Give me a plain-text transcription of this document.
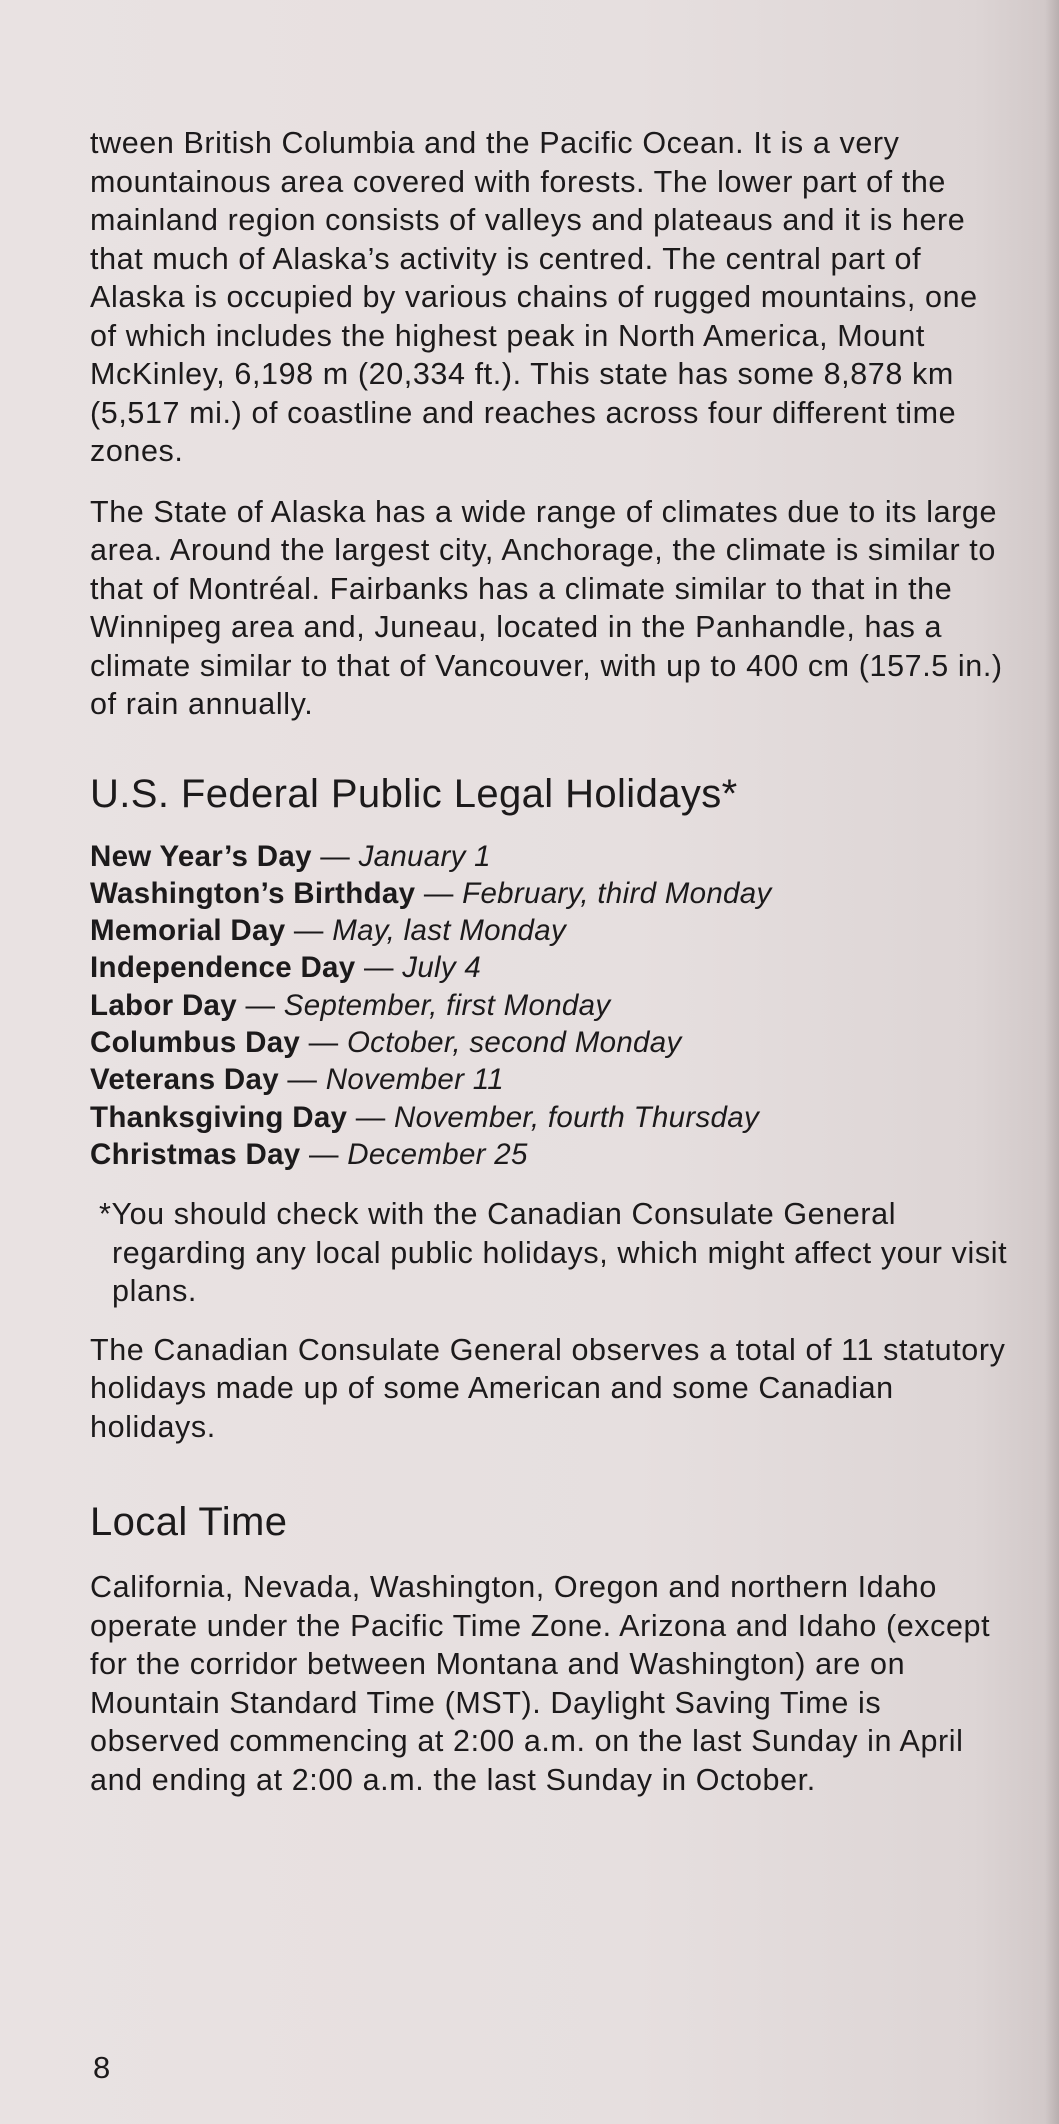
tween British Columbia and the Pacific Ocean. It is a very mountainous area covered with forests. The lower part of the mainland region consists of valleys and plateaus and it is here that much of Alaska’s activity is centred. The central part of Alaska is occupied by various chains of rugged mountains, one of which includes the highest peak in North America, Mount McKinley, 6,198 m (20,334 ft.). This state has some 8,878 km (5,517 mi.) of coastline and reaches across four different time zones.

The State of Alaska has a wide range of climates due to its large area. Around the largest city, Anchorage, the climate is similar to that of Montréal. Fairbanks has a climate similar to that in the Winnipeg area and, Juneau, located in the Panhandle, has a climate similar to that of Vancouver, with up to 400 cm (157.5 in.) of rain annually.

U.S. Federal Public Legal Holidays*
New Year’s Day — January 1
Washington’s Birthday — February, third Monday
Memorial Day — May, last Monday
Independence Day — July 4
Labor Day — September, first Monday
Columbus Day — October, second Monday
Veterans Day — November 11
Thanksgiving Day — November, fourth Thursday
Christmas Day — December 25

*You should check with the Canadian Consulate General regarding any local public holidays, which might affect your visit plans.

The Canadian Consulate General observes a total of 11 statutory holidays made up of some American and some Canadian holidays.

Local Time

California, Nevada, Washington, Oregon and northern Idaho operate under the Pacific Time Zone. Arizona and Idaho (except for the corridor between Montana and Washington) are on Mountain Standard Time (MST). Daylight Saving Time is observed commencing at 2:00 a.m. on the last Sunday in April and ending at 2:00 a.m. the last Sunday in October.

8
